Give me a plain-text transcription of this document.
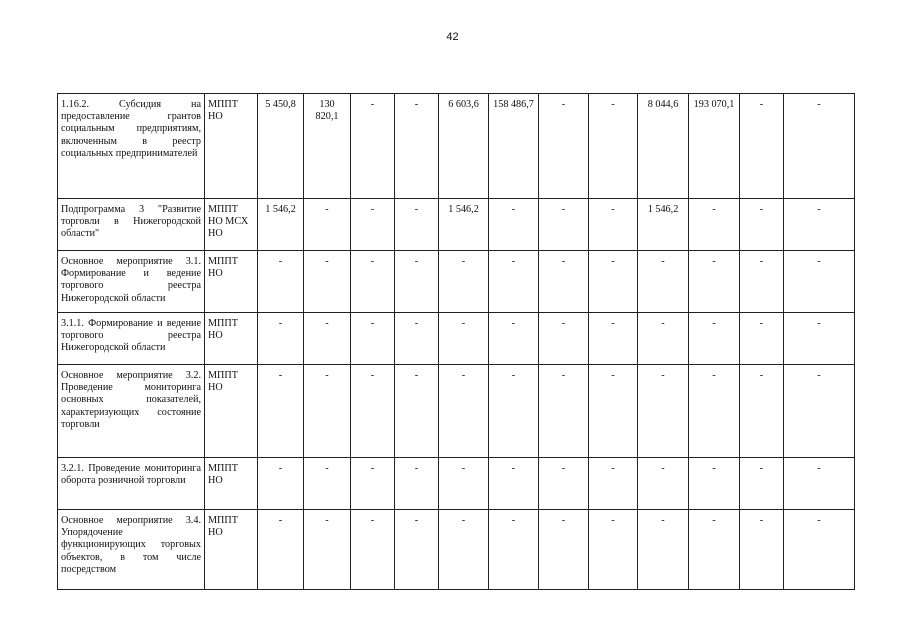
42
1.16.2. Субсидия на предоставление грантов социальным предприятиям, включенным в реестр социальных предпринимателей	МППТ НО	5 450,8	130 820,1	-	-	6 603,6	158 486,7	-	-	8 044,6	193 070,1	-	-
Подпрограмма 3 "Развитие торговли в Нижегородской области"	МППТ НО МСХ НО	1 546,2	-	-	-	1 546,2	-	-	-	1 546,2	-	-	-
Основное мероприятие 3.1. Формирование и ведение торгового реестра Нижегородской области	МППТ НО	-	-	-	-	-	-	-	-	-	-	-	-
3.1.1. Формирование и ведение торгового реестра Нижегородской области	МППТ НО	-	-	-	-	-	-	-	-	-	-	-	-
Основное мероприятие 3.2. Проведение мониторинга основных показателей, характеризующих состояние торговли	МППТ НО	-	-	-	-	-	-	-	-	-	-	-	-
3.2.1. Проведение мониторинга оборота розничной торговли	МППТ НО	-	-	-	-	-	-	-	-	-	-	-	-
Основное мероприятие 3.4. Упорядочение функционирующих торговых объектов, в том числе посредством	МППТ НО	-	-	-	-	-	-	-	-	-	-	-	-
